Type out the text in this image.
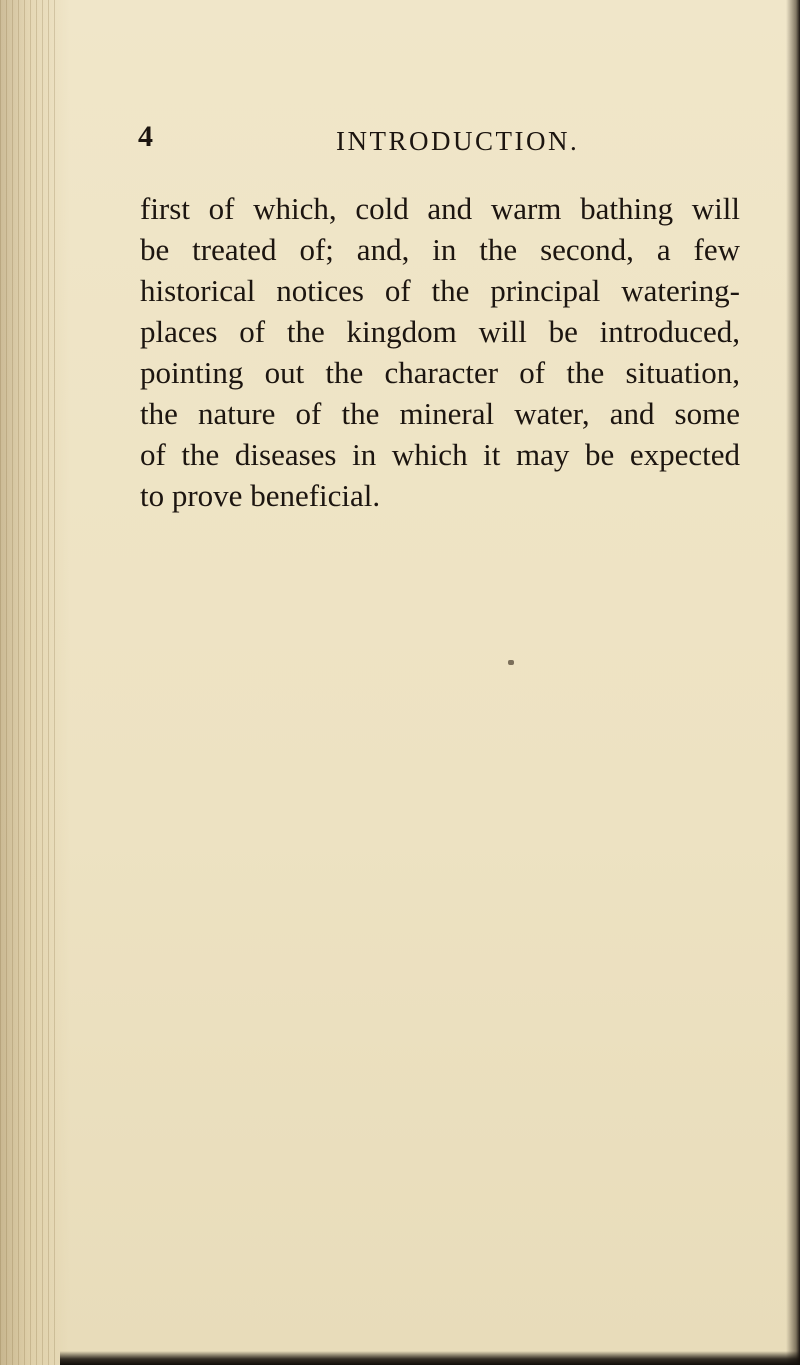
4	INTRODUCTION.

first of which, cold and warm bathing will
be treated of; and, in the second, a few
historical notices of the principal watering-
places of the kingdom will be introduced,
pointing out the character of the situation,
the nature of the mineral water, and some
of the diseases in which it may be expected
to prove beneficial.
